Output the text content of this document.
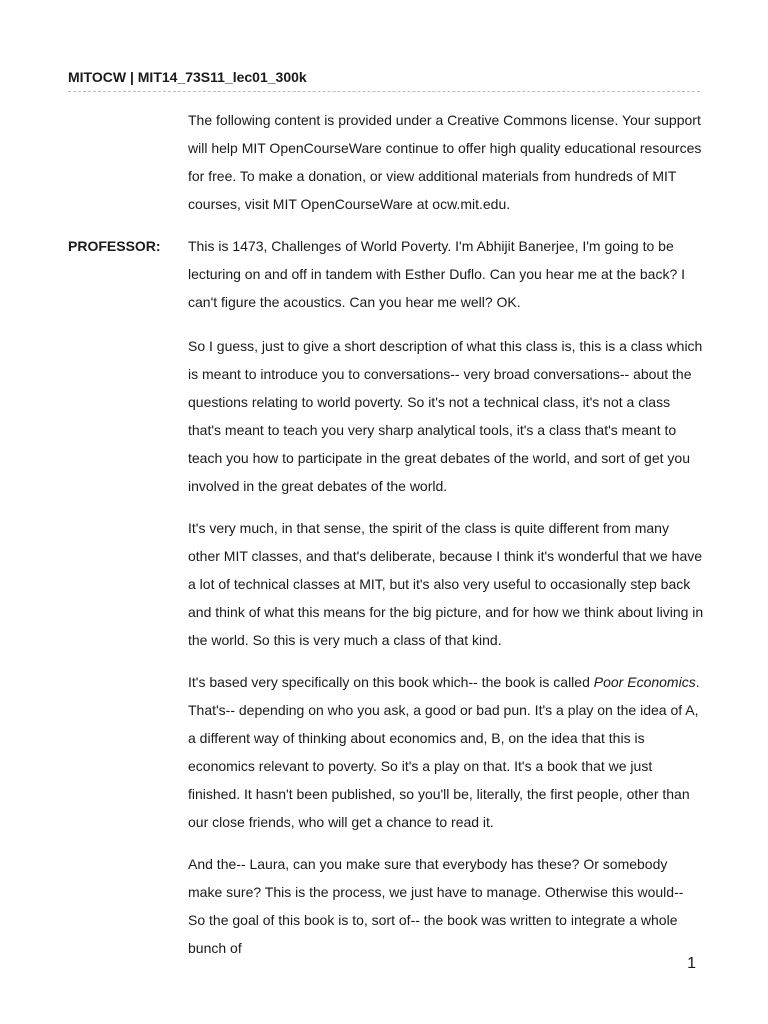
MITOCW | MIT14_73S11_lec01_300k

The following content is provided under a Creative Commons license. Your support will help MIT OpenCourseWare continue to offer high quality educational resources for free. To make a donation, or view additional materials from hundreds of MIT courses, visit MIT OpenCourseWare at ocw.mit.edu.

PROFESSOR: This is 1473, Challenges of World Poverty. I'm Abhijit Banerjee, I'm going to be lecturing on and off in tandem with Esther Duflo. Can you hear me at the back? I can't figure the acoustics. Can you hear me well? OK.

So I guess, just to give a short description of what this class is, this is a class which is meant to introduce you to conversations-- very broad conversations-- about the questions relating to world poverty. So it's not a technical class, it's not a class that's meant to teach you very sharp analytical tools, it's a class that's meant to teach you how to participate in the great debates of the world, and sort of get you involved in the great debates of the world.

It's very much, in that sense, the spirit of the class is quite different from many other MIT classes, and that's deliberate, because I think it's wonderful that we have a lot of technical classes at MIT, but it's also very useful to occasionally step back and think of what this means for the big picture, and for how we think about living in the world. So this is very much a class of that kind.

It's based very specifically on this book which-- the book is called Poor Economics. That's-- depending on who you ask, a good or bad pun. It's a play on the idea of A, a different way of thinking about economics and, B, on the idea that this is economics relevant to poverty. So it's a play on that. It's a book that we just finished. It hasn't been published, so you'll be, literally, the first people, other than our close friends, who will get a chance to read it.

And the-- Laura, can you make sure that everybody has these? Or somebody make sure? This is the process, we just have to manage. Otherwise this would-- So the goal of this book is to, sort of-- the book was written to integrate a whole bunch of

1
